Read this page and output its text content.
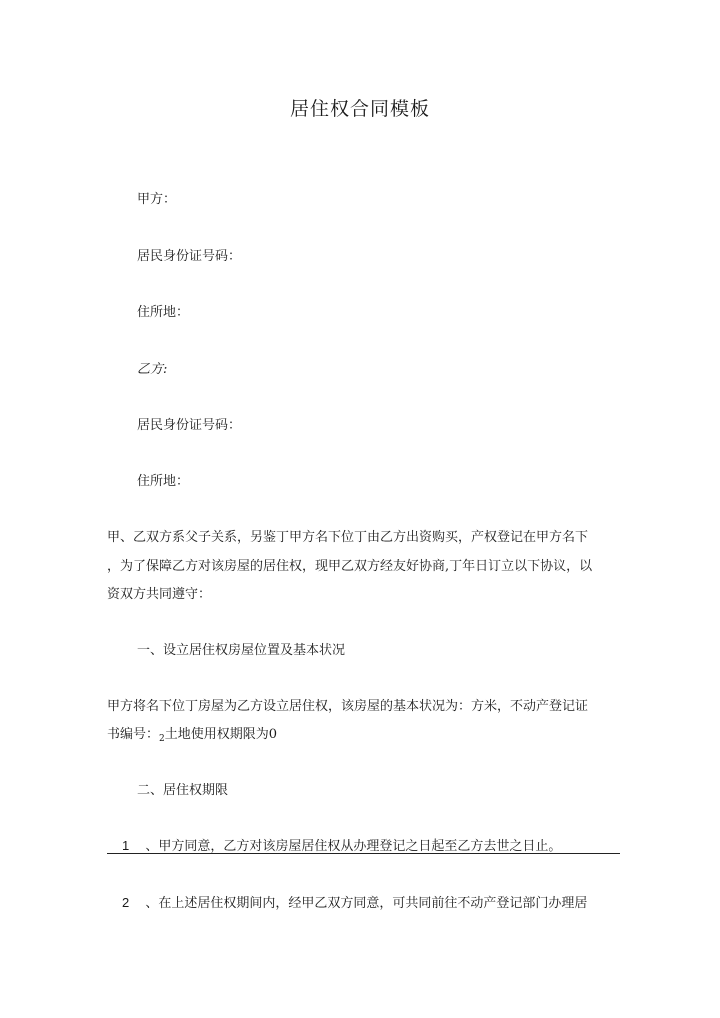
居住权合同模板
甲方：
居民身份证号码：
住所地：
乙方:
居民身份证号码：
住所地：
甲、乙双方系父子关系，另鉴丁甲方名下位丁由乙方出资购买，产权登记在甲方名下
，为了保障乙方对该房屋的居住权，现甲乙双方经友好协商,丁年日订立以下协议，以
资双方共同遵守：
一、设立居住权房屋位置及基本状况
甲方将名下位丁房屋为乙方设立居住权，该房屋的基本状况为：方米，不动产登记证
书编号：$_2$土地使用权期限为0
二、居住权期限
1 、甲方同意，乙方对该房屋居住权从办理登记之日起至乙方去世之日止。
2 、在上述居住权期间内，经甲乙双方同意，可共同前往不动产登记部门办理居
